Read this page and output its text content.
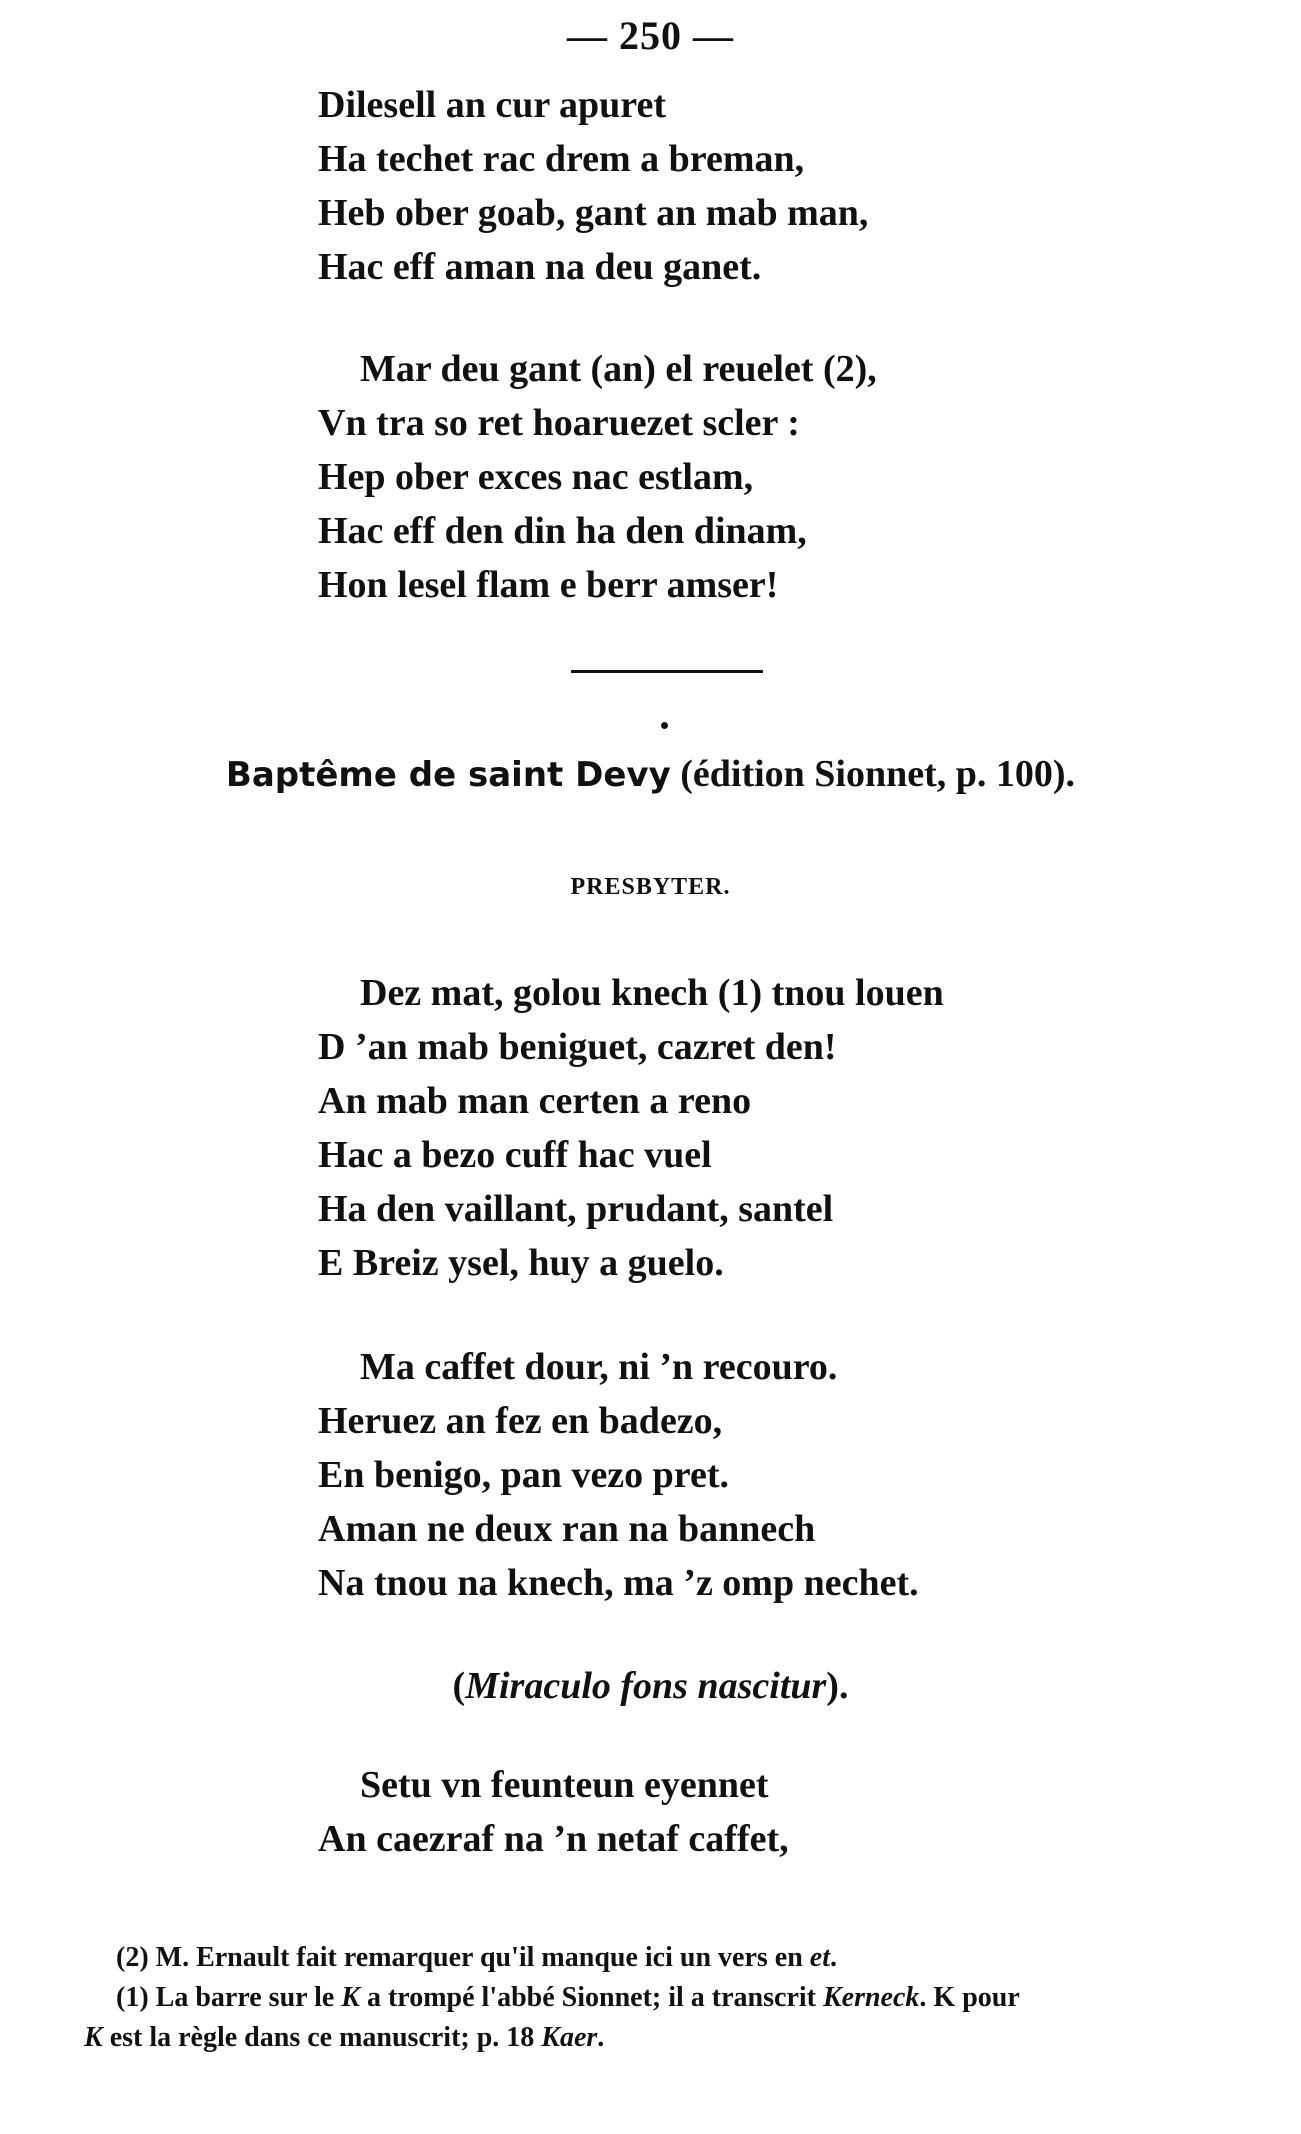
— 250 —
Dilesell an cur apuret
Ha techet rac drem a breman,
Heb ober goab, gant an mab man,
Hac eff aman na deu ganet.
Mar deu gant (an) el reuelet (2),
Vn tra so ret hoaruezet scler :
Hep ober exces nac estlam,
Hac eff den din ha den dinam,
Hon lesel flam e berr amser!
Baptême de saint Devy (édition Sionnet, p. 100).
PRESBYTER.
Dez mat, golou knech (1) tnou louen
D ’an mab beniguet, cazret den!
An mab man certen a reno
Hac a bezo cuff hac vuel
Ha den vaillant, prudant, santel
E Breiz ysel, huy a guelo.
Ma caffet dour, ni ’n recouro.
Heruez an fez en badezo,
En benigo, pan vezo pret.
Aman ne deux ran na bannech
Na tnou na knech, ma ’z omp nechet.
(Miraculo fons nascitur).
Setu vn feunteun eyennet
An caezraf na ’n netaf caffet,
(2) M. Ernault fait remarquer qu'il manque ici un vers en et.
(1) La barre sur le K a trompé l'abbé Sionnet; il a transcrit Kerneck. K pour
K est la règle dans ce manuscrit; p. 18 Kaer.
